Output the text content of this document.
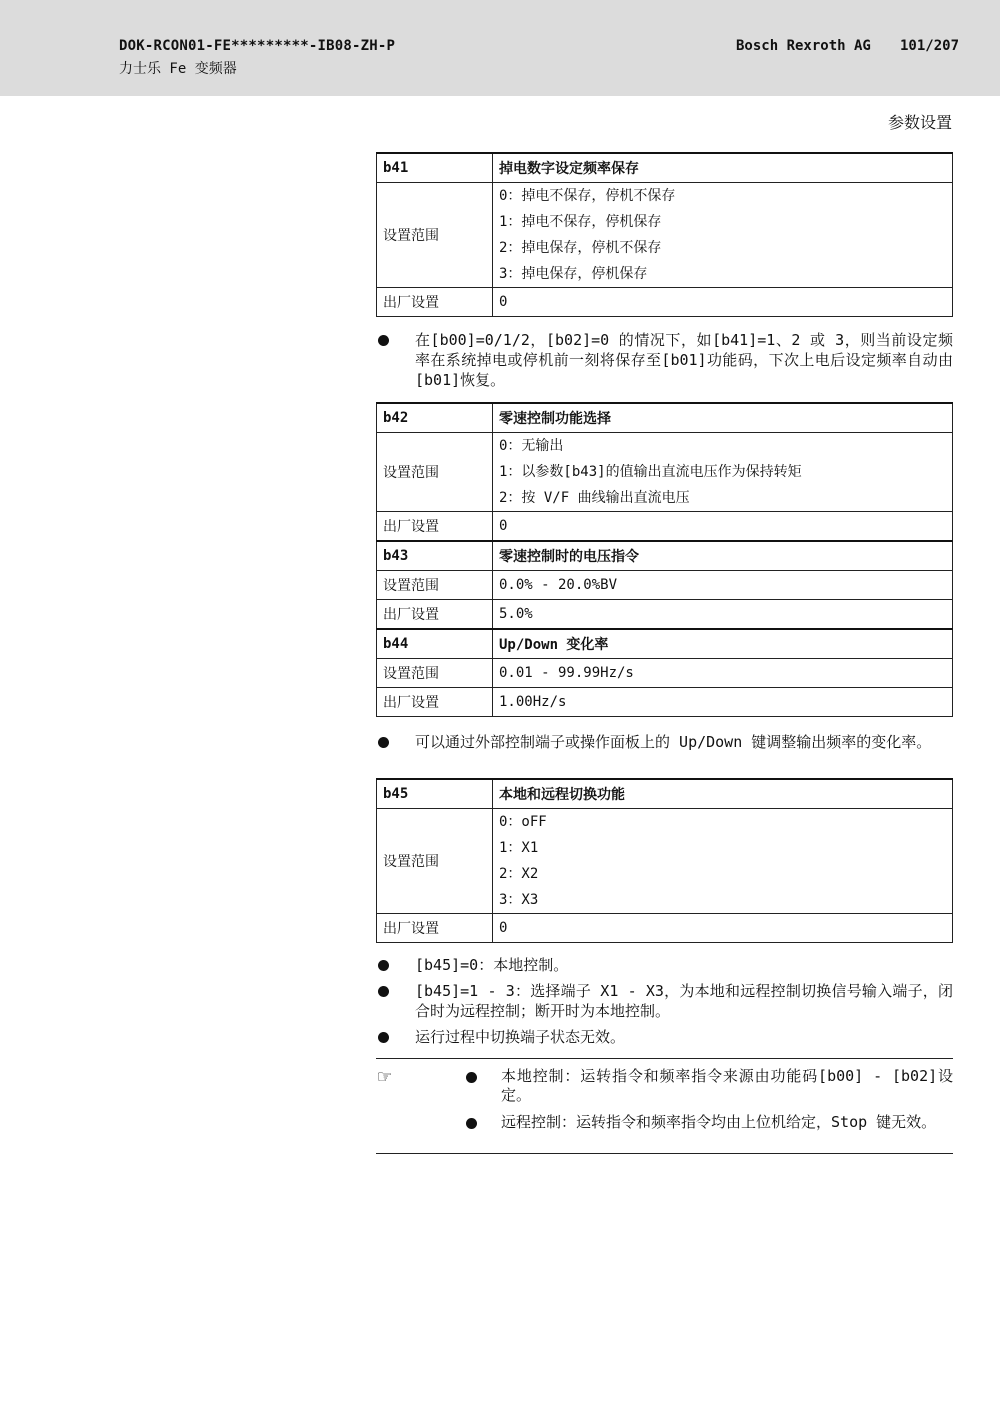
DOK-RCON01-FE*********-IB08-ZH-P
力士乐 Fe 变频器
Bosch Rexroth AG 101/207
参数设置
b41	掉电数字设定频率保存
设置范围	0：掉电不保存，停机不保存
1：掉电不保存，停机保存
2：掉电保存，停机不保存
3：掉电保存，停机保存

出厂设置	0
在[b00]=0/1/2，[b02]=0 的情况下，如[b41]=1、2 或 3，则当前设定频率在系统掉电或停机前一刻将保存至[b01]功能码，下次上电后设定频率自动由[b01]恢复。
b42	零速控制功能选择
设置范围	0：无输出
1：以参数[b43]的值输出直流电压作为保持转矩
2：按 V/F 曲线输出直流电压

出厂设置	0
b43	零速控制时的电压指令
设置范围	0.0% - 20.0%BV
出厂设置	5.0%
b44	Up/Down 变化率
设置范围	0.01 - 99.99Hz/s
出厂设置	1.00Hz/s
可以通过外部控制端子或操作面板上的 Up/Down 键调整输出频率的变化率。
b45	本地和远程切换功能
设置范围	0：oFF
1：X1
2：X2
3：X3

出厂设置	0
[b45]=0：本地控制。
[b45]=1 - 3：选择端子 X1 - X3，为本地和远程控制切换信号输入端子，闭合时为远程控制；断开时为本地控制。
运行过程中切换端子状态无效。
☞	本地控制：运转指令和频率指令来源由功能码[b00] - [b02]设定。
远程控制：运转指令和频率指令均由上位机给定，Stop 键无效。
